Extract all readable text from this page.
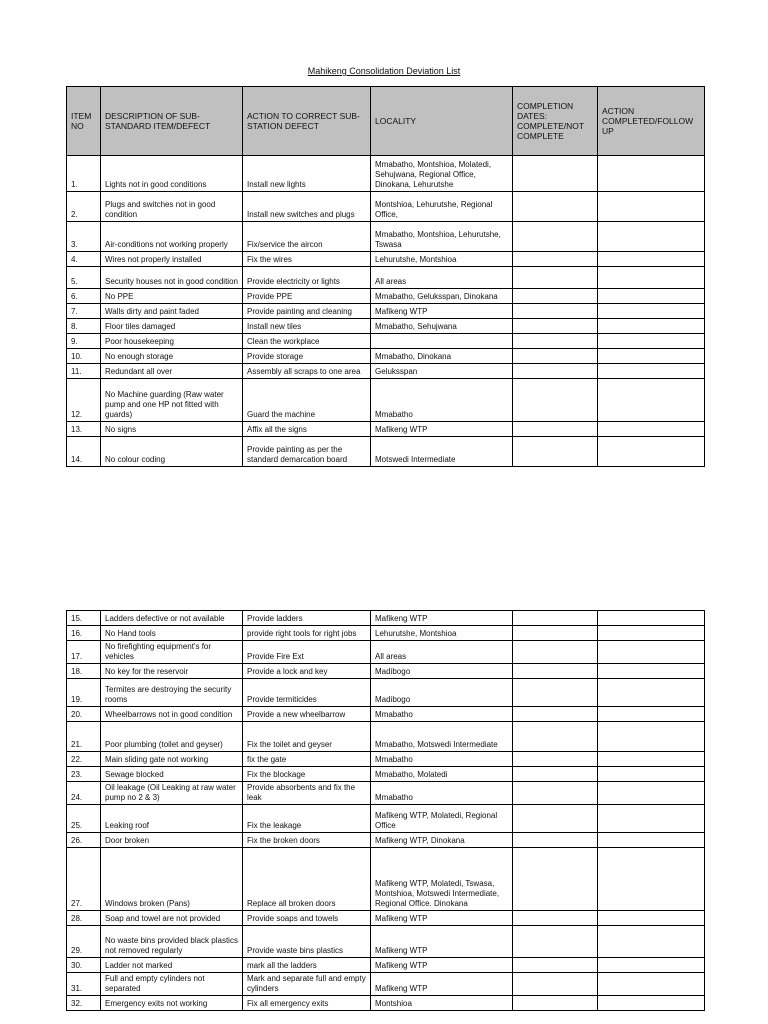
Mahikeng Consolidation Deviation List
ITEM NO	DESCRIPTION OF SUB-STANDARD ITEM/DEFECT	ACTION TO CORRECT SUB-STATION DEFECT	LOCALITY	COMPLETION DATES: COMPLETE/NOT COMPLETE	ACTION COMPLETED/FOLLOW UP
1.	Lights not in good conditions	Install new lights	Mmabatho, Montshioa, Molatedi, Sehujwana, Regional Office, Dinokana, Lehurutshe		
2.	Plugs and switches not in good condition	Install new switches and plugs	Montshioa, Lehurutshe, Regional Office,		
3.	Air-conditions not working properly	Fix/service the aircon	Mmabatho, Montshioa, Lehurutshe, Tswasa		
4.	Wires not properly installed	Fix the wires	Lehurutshe, Montshioa		
5.	Security houses not in good condition	Provide electricity or lights	All areas		
6.	No PPE	Provide PPE	Mmabatho, Geluksspan, Dinokana		
7.	Walls dirty and paint faded	Provide painting and cleaning	Mafikeng WTP		
8.	Floor tiles damaged	Install new tiles	Mmabatho, Sehujwana		
9.	Poor housekeeping	Clean the workplace			
10.	No enough storage	Provide storage	Mmabatho, Dinokana		
11.	Redundant all over	Assembly all scraps to one area	Geluksspan		
12.	No Machine guarding (Raw water pump and one HP not fitted with guards)	Guard the machine	Mmabatho		
13.	No signs	Affix all the signs	Mafikeng WTP		
14.	No colour coding	Provide painting as per the standard demarcation board	Motswedi Intermediate		
15.	Ladders defective or not available	Provide ladders	Mafikeng WTP		
16.	No Hand tools	provide right tools for right jobs	Lehurutshe, Montshioa		
17.	No firefighting equipment's for vehicles	Provide Fire Ext	All areas		
18.	No key for the reservoir	Provide a lock and key	Madibogo		
19.	Termites are destroying the security rooms	Provide termiticides	Madibogo		
20.	Wheelbarrows not in good condition	Provide a new wheelbarrow	Mmabatho		
21.	Poor plumbing (toilet and geyser)	Fix the toilet and geyser	Mmabatho, Motswedi Intermediate		
22.	Main sliding gate not working	fix the gate	Mmabatho		
23.	Sewage blocked	Fix the blockage	Mmabatho, Molatedi		
24.	Oil leakage (Oil Leaking at raw water pump no 2 & 3)	Provide absorbents and fix the leak	Mmabatho		
25.	Leaking roof	Fix the leakage	Mafikeng WTP, Molatedi, Regional Office		
26.	Door broken	Fix the broken doors	Mafikeng WTP, Dinokana		
27.	Windows broken (Pans)	Replace all broken doors	Mafikeng WTP, Molatedi, Tswasa, Montshioa, Motswedi Intermediate, Regional Office. Dinokana		
28.	Soap and towel are not provided	Provide soaps and towels	Mafikeng WTP		
29.	No waste bins provided black plastics not removed regularly	Provide waste bins plastics	Mafikeng WTP		
30.	Ladder not marked	mark all the ladders	Mafikeng WTP		
31.	Full and empty cylinders not separated	Mark and separate full and empty cylinders	Mafikeng WTP		
32.	Emergency exits not working	Fix all emergency exits	Montshioa		
